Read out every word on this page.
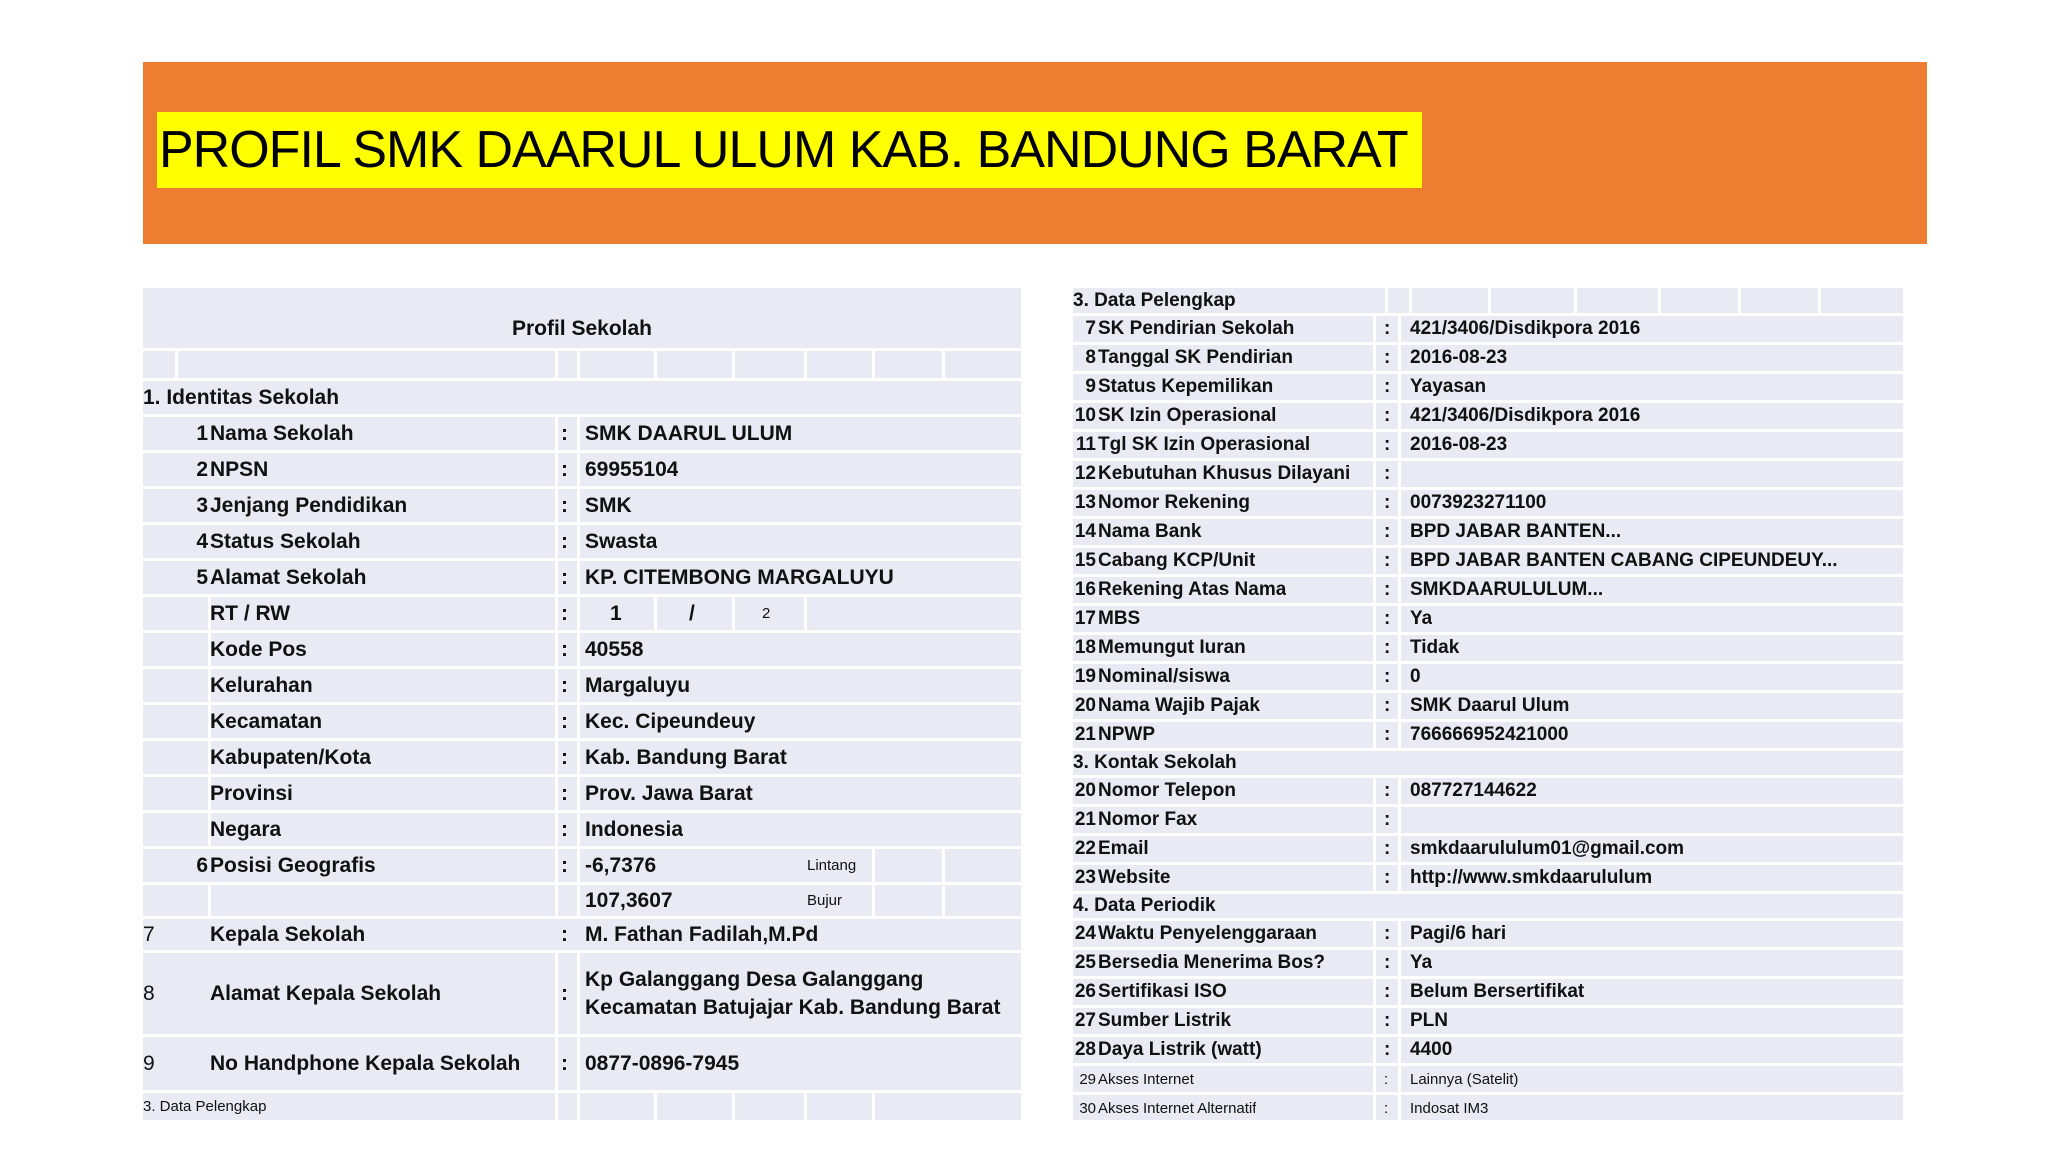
PROFIL SMK DAARUL ULUM KAB. BANDUNG BARAT
Profil Sekolah
1. Identitas Sekolah
1 Nama Sekolah	: SMK DAARUL ULUM
2 NPSN	: 69955104
3 Jenjang Pendidikan	: SMK
4 Status Sekolah	: Swasta
5 Alamat Sekolah	: KP. CITEMBONG MARGALUYU
RT / RW	: 1	/	2
Kode Pos	: 40558
Kelurahan	: Margaluyu
Kecamatan	: Kec. Cipeundeuy
Kabupaten/Kota	: Kab. Bandung Barat
Provinsi	: Prov. Jawa Barat
Negara	: Indonesia
6 Posisi Geografis	: -6,7376	Lintang
107,3607	Bujur
7	Kepala Sekolah	: M. Fathan Fadilah,M.Pd
8	Alamat Kepala Sekolah	:
Kp Galanggang Desa Galanggang Kecamatan Batujajar Kab. Bandung Barat
9	No Handphone Kepala Sekolah : 0877-0896-7945
3. Data Pelengkap
3. Data Pelengkap
7 SK Pendirian Sekolah	: 421/3406/Disdikpora 2016
8 Tanggal SK Pendirian	: 2016-08-23
9 Status Kepemilikan	: Yayasan
10 SK Izin Operasional	: 421/3406/Disdikpora 2016
11 Tgl SK Izin Operasional	: 2016-08-23
12 Kebutuhan Khusus Dilayani :
13 Nomor Rekening	: 0073923271100
14 Nama Bank	: BPD JABAR BANTEN...
15 Cabang KCP/Unit	: BPD JABAR BANTEN CABANG CIPEUNDEUY...
16 Rekening Atas Nama	: SMKDAARULULUM...
17 MBS	: Ya
18 Memungut Iuran	: Tidak
19 Nominal/siswa	: 0
20 Nama Wajib Pajak	: SMK Daarul Ulum
21 NPWP	: 766666952421000
3. Kontak Sekolah
20 Nomor Telepon	: 087727144622
21 Nomor Fax	:
22 Email	: smkdaarululum01@gmail.com
23 Website	: http://www.smkdaarululum
4. Data Periodik
24 Waktu Penyelenggaraan	: Pagi/6 hari
25 Bersedia Menerima Bos?	: Ya
26 Sertifikasi ISO	: Belum Bersertifikat
27 Sumber Listrik	: PLN
28 Daya Listrik (watt)	: 4400
29 Akses Internet	: Lainnya (Satelit)
30 Akses Internet Alternatif	: Indosat IM3
